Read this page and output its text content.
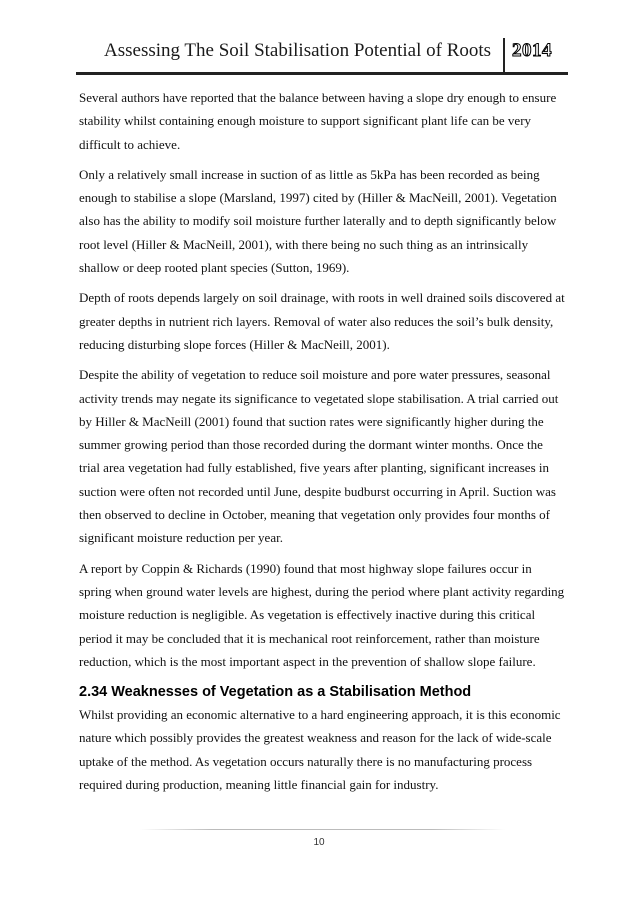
Assessing The Soil Stabilisation Potential of Roots 2014

Several authors have reported that the balance between having a slope dry enough to ensure stability whilst containing enough moisture to support significant plant life can be very difficult to achieve.

Only a relatively small increase in suction of as little as 5kPa has been recorded as being enough to stabilise a slope (Marsland, 1997) cited by (Hiller & MacNeill, 2001). Vegetation also has the ability to modify soil moisture further laterally and to depth significantly below root level (Hiller & MacNeill, 2001), with there being no such thing as an intrinsically shallow or deep rooted plant species (Sutton, 1969).

Depth of roots depends largely on soil drainage, with roots in well drained soils discovered at greater depths in nutrient rich layers. Removal of water also reduces the soil’s bulk density, reducing disturbing slope forces (Hiller & MacNeill, 2001).

Despite the ability of vegetation to reduce soil moisture and pore water pressures, seasonal activity trends may negate its significance to vegetated slope stabilisation. A trial carried out by Hiller & MacNeill (2001) found that suction rates were significantly higher during the summer growing period than those recorded during the dormant winter months. Once the trial area vegetation had fully established, five years after planting, significant increases in suction were often not recorded until June, despite budburst occurring in April. Suction was then observed to decline in October, meaning that vegetation only provides four months of significant moisture reduction per year.

A report by Coppin & Richards (1990) found that most highway slope failures occur in spring when ground water levels are highest, during the period where plant activity regarding moisture reduction is negligible. As vegetation is effectively inactive during this critical period it may be concluded that it is mechanical root reinforcement, rather than moisture reduction, which is the most important aspect in the prevention of shallow slope failure.

2.34 Weaknesses of Vegetation as a Stabilisation Method

Whilst providing an economic alternative to a hard engineering approach, it is this economic nature which possibly provides the greatest weakness and reason for the lack of wide-scale uptake of the method. As vegetation occurs naturally there is no manufacturing process required during production, meaning little financial gain for industry.

10
